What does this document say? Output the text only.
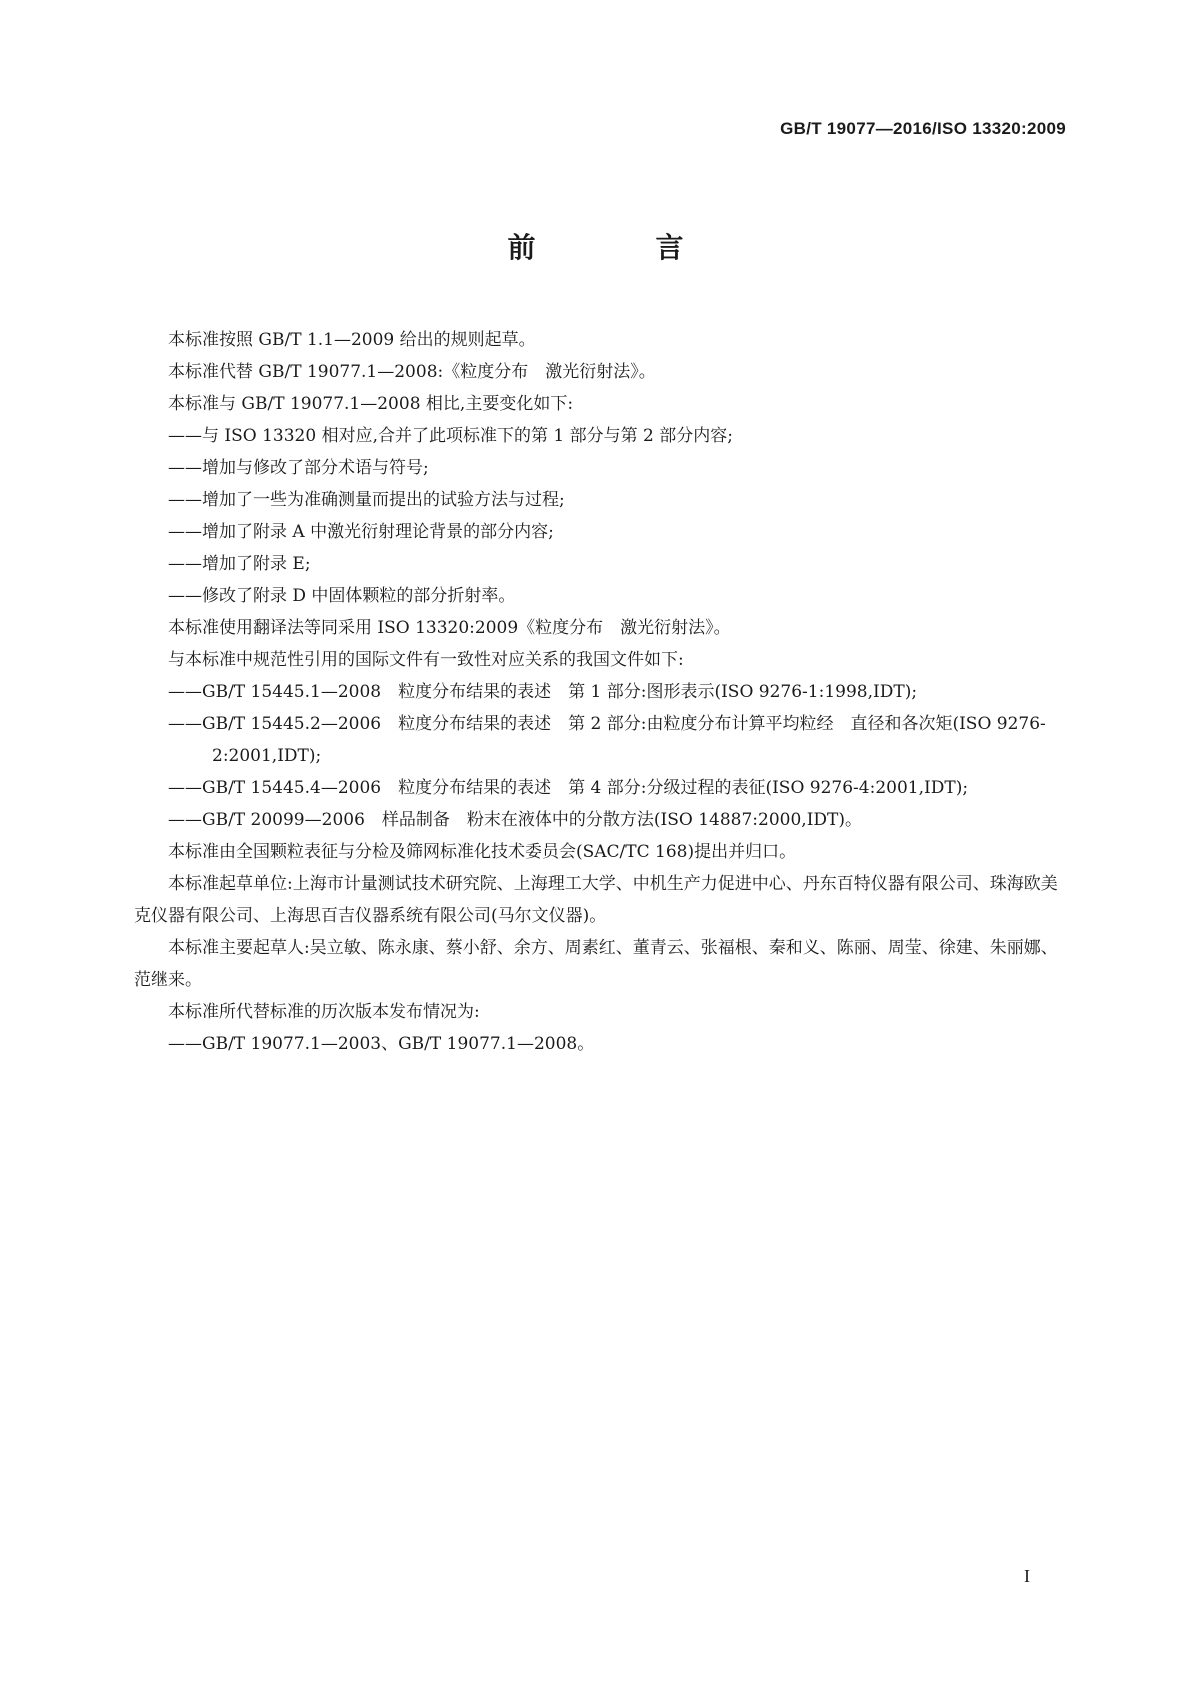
GB/T 19077—2016/ISO 13320:2009
前　言

本标准按照 GB/T 1.1—2009 给出的规则起草。

本标准代替 GB/T 19077.1—2008:《粒度分布　激光衍射法》。

本标准与 GB/T 19077.1—2008 相比,主要变化如下:

——与 ISO 13320 相对应,合并了此项标准下的第 1 部分与第 2 部分内容;

——增加与修改了部分术语与符号;

——增加了一些为准确测量而提出的试验方法与过程;

——增加了附录 A 中激光衍射理论背景的部分内容;

——增加了附录 E;

——修改了附录 D 中固体颗粒的部分折射率。

本标准使用翻译法等同采用 ISO 13320:2009《粒度分布　激光衍射法》。

与本标准中规范性引用的国际文件有一致性对应关系的我国文件如下:

——GB/T 15445.1—2008　粒度分布结果的表述　第 1 部分:图形表示(ISO 9276-1:1998,IDT);

——GB/T 15445.2—2006　粒度分布结果的表述　第 2 部分:由粒度分布计算平均粒经　直径和各次矩(ISO 9276-2:2001,IDT);

——GB/T 15445.4—2006　粒度分布结果的表述　第 4 部分:分级过程的表征(ISO 9276-4:2001,IDT);

——GB/T 20099—2006　样品制备　粉末在液体中的分散方法(ISO 14887:2000,IDT)。

本标准由全国颗粒表征与分检及筛网标准化技术委员会(SAC/TC 168)提出并归口。

本标准起草单位:上海市计量测试技术研究院、上海理工大学、中机生产力促进中心、丹东百特仪器有限公司、珠海欧美克仪器有限公司、上海思百吉仪器系统有限公司(马尔文仪器)。

本标准主要起草人:吴立敏、陈永康、蔡小舒、余方、周素红、董青云、张福根、秦和义、陈丽、周莹、徐建、朱丽娜、范继来。

本标准所代替标准的历次版本发布情况为:

——GB/T 19077.1—2003、GB/T 19077.1—2008。

I
